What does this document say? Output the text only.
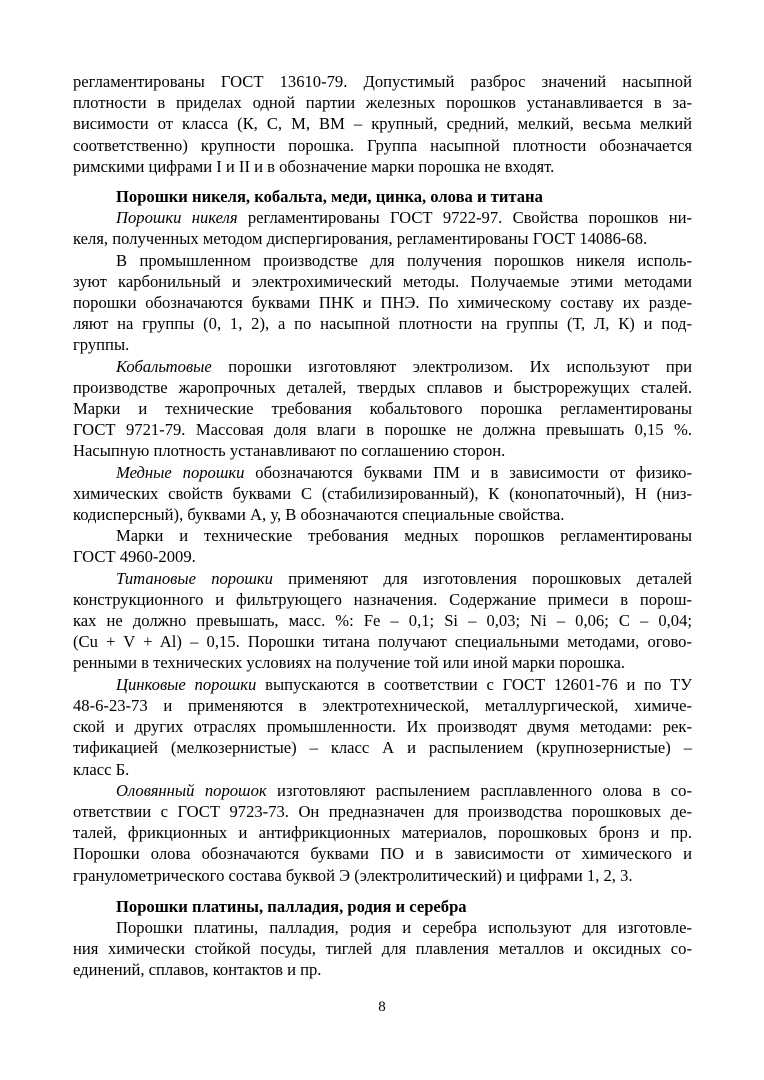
регламентированы ГОСТ 13610-79. Допустимый разброс значений насыпной
плотности в приделах одной партии железных порошков устанавливается в за-
висимости от класса (К, С, М, ВМ – крупный, средний, мелкий, весьма мелкий
соответственно) крупности порошка. Группа насыпной плотности обозначается
римскими цифрами I и II и в обозначение марки порошка не входят.
Порошки никеля, кобальта, меди, цинка, олова и титана
Порошки никеля регламентированы ГОСТ 9722-97. Свойства порошков ни-
келя, полученных методом диспергирования, регламентированы ГОСТ 14086-68.
В промышленном производстве для получения порошков никеля исполь-
зуют карбонильный и электрохимический методы. Получаемые этими методами
порошки обозначаются буквами ПНК и ПНЭ. По химическому составу их разде-
ляют на группы (0, 1, 2), а по насыпной плотности на группы (Т, Л, К) и под-
группы.
Кобальтовые порошки изготовляют электролизом. Их используют при
производстве жаропрочных деталей, твердых сплавов и быстрорежущих сталей.
Марки и технические требования кобальтового порошка регламентированы
ГОСТ 9721-79. Массовая доля влаги в порошке не должна превышать 0,15 %.
Насыпную плотность устанавливают по соглашению сторон.
Медные порошки обозначаются буквами ПМ и в зависимости от физико-
химических свойств буквами С (стабилизированный), К (конопаточный), Н (низ-
кодисперсный), буквами А, у, В обозначаются специальные свойства.
Марки и технические требования медных порошков регламентированы
ГОСТ 4960-2009.
Титановые порошки применяют для изготовления порошковых деталей
конструкционного и фильтрующего назначения. Содержание примеси в порош-
ках не должно превышать, масс. %: Fe – 0,1; Si – 0,03; Ni – 0,06; C – 0,04;
(Cu + V + Al) – 0,15. Порошки титана получают специальными методами, огово-
ренными в технических условиях на получение той или иной марки порошка.
Цинковые порошки выпускаются в соответствии с ГОСТ 12601-76 и по ТУ
48-6-23-73 и применяются в электротехнической, металлургической, химиче-
ской и других отраслях промышленности. Их производят двумя методами: рек-
тификацией (мелкозернистые) – класс А и распылением (крупнозернистые) –
класс Б.
Оловянный порошок изготовляют распылением расплавленного олова в со-
ответствии с ГОСТ 9723-73. Он предназначен для производства порошковых де-
талей, фрикционных и антифрикционных материалов, порошковых бронз и пр.
Порошки олова обозначаются буквами ПО и в зависимости от химического и
гранулометрического состава буквой Э (электролитический) и цифрами 1, 2, 3.
Порошки платины, палладия, родия и серебра
Порошки платины, палладия, родия и серебра используют для изготовле-
ния химически стойкой посуды, тиглей для плавления металлов и оксидных со-
единений, сплавов, контактов и пр.
8
